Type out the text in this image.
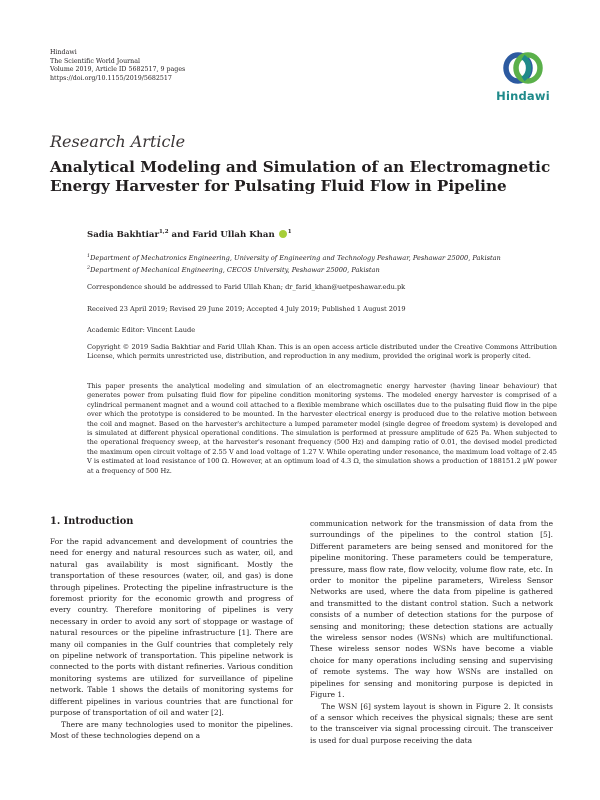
Hindawi
The Scientific World Journal
Volume 2019, Article ID 5682517, 9 pages
https://doi.org/10.1155/2019/5682517
Hindawi
Research Article
Analytical Modeling and Simulation of an Electromagnetic Energy Harvester for Pulsating Fluid Flow in Pipeline
Sadia Bakhtiar$^{1,2}$ and Farid Ullah Khan $^1$
$^1$Department of Mechatronics Engineering, University of Engineering and Technology Peshawar, Peshawar 25000, Pakistan
$^2$Department of Mechanical Engineering, CECOS University, Peshawar 25000, Pakistan
Correspondence should be addressed to Farid Ullah Khan; dr_farid_khan@uetpeshawar.edu.pk
Received 23 April 2019; Revised 29 June 2019; Accepted 4 July 2019; Published 1 August 2019
Academic Editor: Vincent Laude
Copyright © 2019 Sadia Bakhtiar and Farid Ullah Khan. This is an open access article distributed under the Creative Commons Attribution License, which permits unrestricted use, distribution, and reproduction in any medium, provided the original work is properly cited.
This paper presents the analytical modeling and simulation of an electromagnetic energy harvester (having linear behaviour) that generates power from pulsating fluid flow for pipeline condition monitoring systems. The modeled energy harvester is comprised of a cylindrical permanent magnet and a wound coil attached to a flexible membrane which oscillates due to the pulsating fluid flow in the pipe over which the prototype is considered to be mounted. In the harvester electrical energy is produced due to the relative motion between the coil and magnet. Based on the harvester's architecture a lumped parameter model (single degree of freedom system) is developed and is simulated at different physical operational conditions. The simulation is performed at pressure amplitude of 625 Pa. When subjected to the operational frequency sweep, at the harvester's resonant frequency (500 Hz) and damping ratio of 0.01, the devised model predicted the maximum open circuit voltage of 2.55 V and load voltage of 1.27 V. While operating under resonance, the maximum load voltage of 2.45 V is estimated at load resistance of 100 Ω. However, at an optimum load of 4.3 Ω, the simulation shows a production of 188151.2 μW power at a frequency of 500 Hz.
1. Introduction

For the rapid advancement and development of countries the need for energy and natural resources such as water, oil, and natural gas availability is most significant. Mostly the transportation of these resources (water, oil, and gas) is done through pipelines. Protecting the pipeline infrastructure is the foremost priority for the economic growth and progress of every country. Therefore monitoring of pipelines is very necessary in order to avoid any sort of stoppage or wastage of natural resources or the pipeline infrastructure [1]. There are many oil companies in the Gulf countries that completely rely on pipeline network of transportation. This pipeline network is connected to the ports with distant refineries. Various condition monitoring systems are utilized for surveillance of pipeline network. Table 1 shows the details of monitoring systems for different pipelines in various countries that are functional for purpose of transportation of oil and water [2].

There are many technologies used to monitor the pipelines. Most of these technologies depend on a

communication network for the transmission of data from the surroundings of the pipelines to the control station [5]. Different parameters are being sensed and monitored for the pipeline monitoring. These parameters could be temperature, pressure, mass flow rate, flow velocity, volume flow rate, etc. In order to monitor the pipeline parameters, Wireless Sensor Networks are used, where the data from pipeline is gathered and transmitted to the distant control station. Such a network consists of a number of detection stations for the purpose of sensing and monitoring; these detection stations are actually the wireless sensor nodes (WSNs) which are multifunctional. These wireless sensor nodes WSNs have become a viable choice for many operations including sensing and supervising of remote systems. The way how WSNs are installed on pipelines for sensing and monitoring purpose is depicted in Figure 1.

The WSN [6] system layout is shown in Figure 2. It consists of a sensor which receives the physical signals; these are sent to the transceiver via signal processing circuit. The transceiver is used for dual purpose receiving the data
